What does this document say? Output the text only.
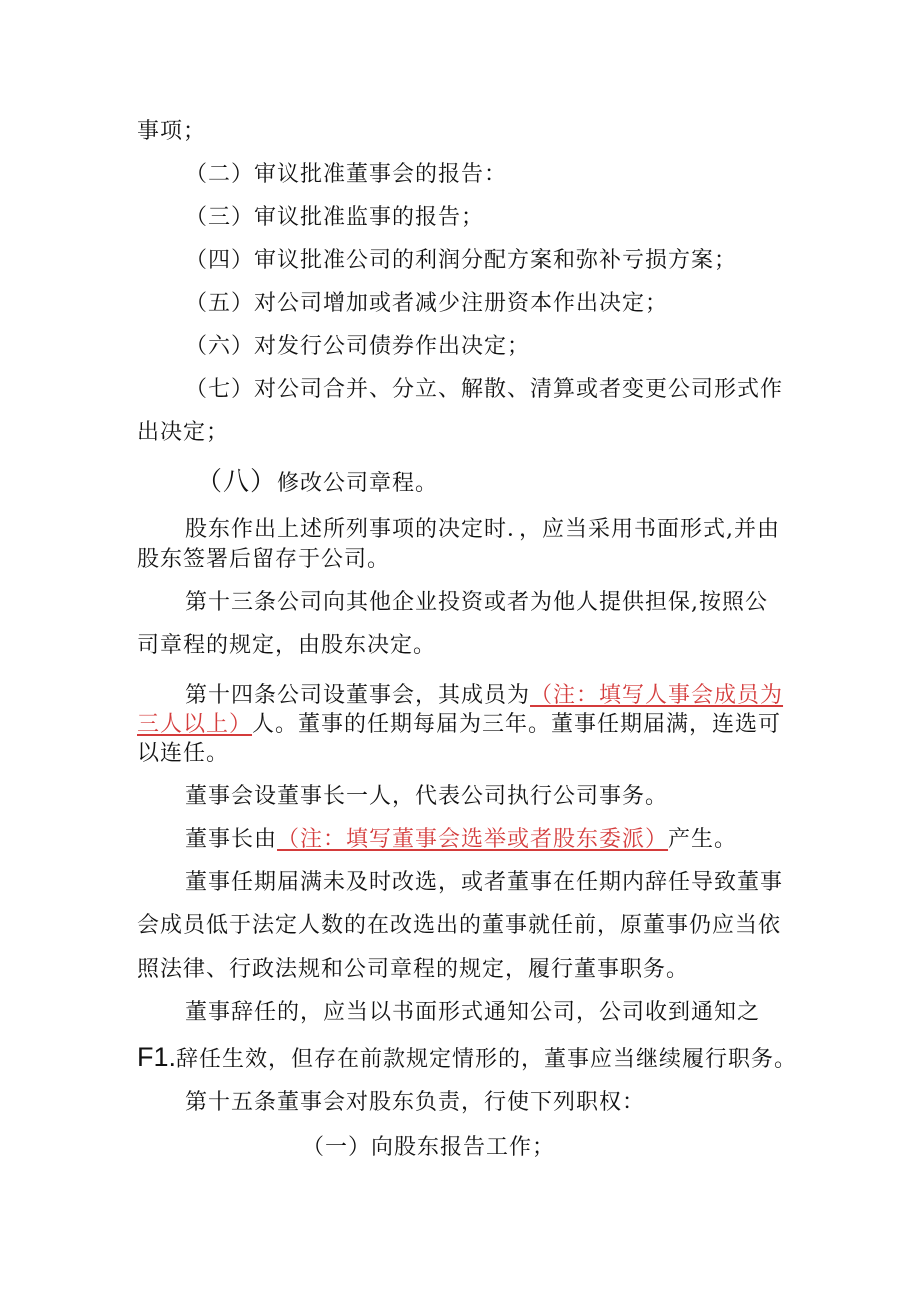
事项；
（二）审议批准董事会的报告：
（三）审议批准监事的报告；
（四）审议批准公司的利润分配方案和弥补亏损方案；
（五）对公司增加或者减少注册资本作出决定；
（六）对发行公司债券作出决定；
（七）对公司合并、分立、解散、清算或者变更公司形式作
出决定；
（八）修改公司章程。
股东作出上述所列事项的决定时．，应当采用书面形式,并由
股东签署后留存于公司。
第十三条公司向其他企业投资或者为他人提供担保,按照公
司章程的规定，由股东决定。
第十四条公司设董事会，其成员为（注：填写人事会成员为
三人以上）人。董事的任期每届为三年。董事任期届满，连选可
以连任。
董事会设董事长一人，代表公司执行公司事务。
董事长由（注：填写董事会选举或者股东委派）产生。
董事任期届满未及时改选，或者董事在任期内辞任导致董事
会成员低于法定人数的在改选出的董事就任前，原董事仍应当依
照法律、行政法规和公司章程的规定，履行董事职务。
董事辞任的，应当以书面形式通知公司，公司收到通知之
F1.辞任生效，但存在前款规定情形的，董事应当继续履行职务。
第十五条董事会对股东负责，行使下列职权：
（一）向股东报告工作；
